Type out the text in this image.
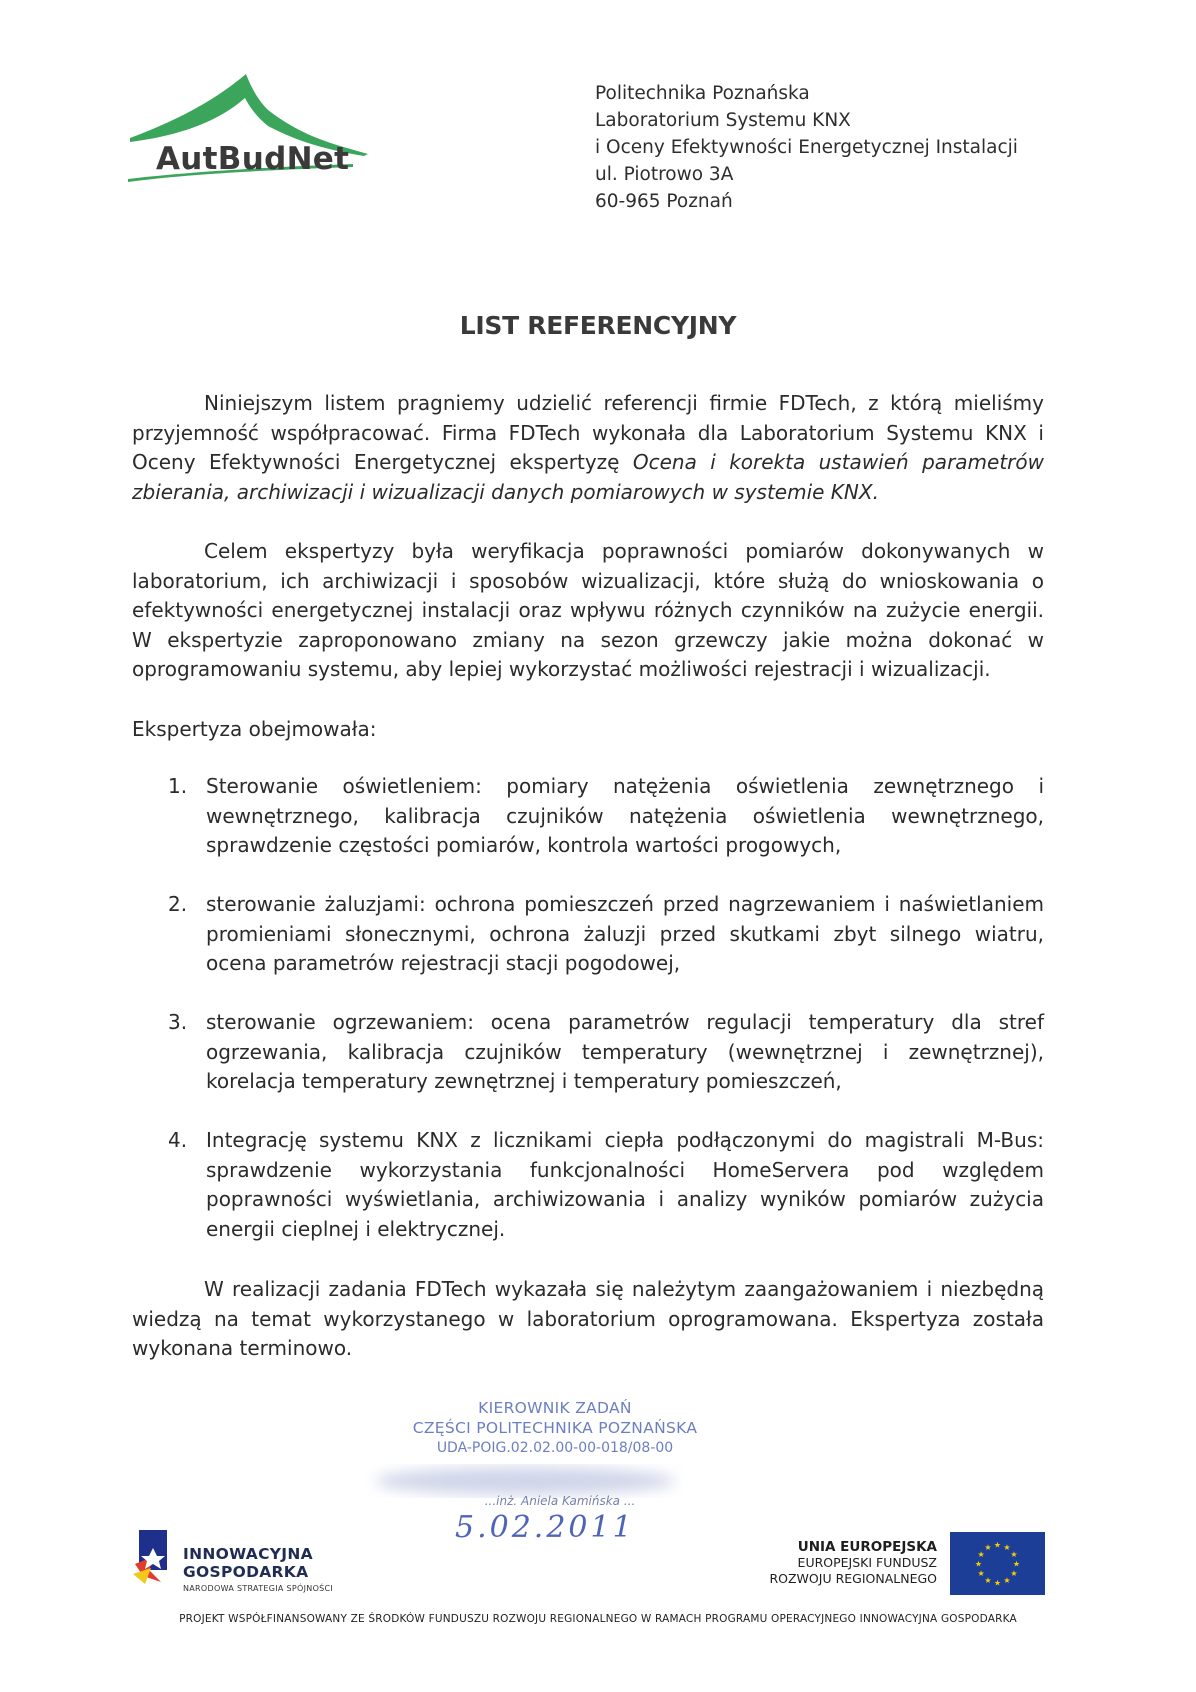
AutBudNet
Politechnika Poznańska
Laboratorium Systemu KNX
i Oceny Efektywności Energetycznej Instalacji
ul. Piotrowo 3A
60-965 Poznań
LIST REFERENCYJNY
Niniejszym listem pragniemy udzielić referencji firmie FDTech, z którą mieliśmy przyjemność współpracować. Firma FDTech wykonała dla Laboratorium Systemu KNX i Oceny Efektywności Energetycznej ekspertyzę Ocena i korekta ustawień parametrów zbierania, archiwizacji i wizualizacji danych pomiarowych w systemie KNX.
Celem ekspertyzy była weryfikacja poprawności pomiarów dokonywanych w laboratorium, ich archiwizacji i sposobów wizualizacji, które służą do wnioskowania o efektywności energetycznej instalacji oraz wpływu różnych czynników na zużycie energii. W ekspertyzie zaproponowano zmiany na sezon grzewczy jakie można dokonać w oprogramowaniu systemu, aby lepiej wykorzystać możliwości rejestracji i wizualizacji.
Ekspertyza obejmowała:
1. Sterowanie oświetleniem: pomiary natężenia oświetlenia zewnętrznego i wewnętrznego, kalibracja czujników natężenia oświetlenia wewnętrznego, sprawdzenie częstości pomiarów, kontrola wartości progowych,
2. sterowanie żaluzjami: ochrona pomieszczeń przed nagrzewaniem i naświetlaniem promieniami słonecznymi, ochrona żaluzji przed skutkami zbyt silnego wiatru, ocena parametrów rejestracji stacji pogodowej,
3. sterowanie ogrzewaniem: ocena parametrów regulacji temperatury dla stref ogrzewania, kalibracja czujników temperatury (wewnętrznej i zewnętrznej), korelacja temperatury zewnętrznej i temperatury pomieszczeń,
4. Integrację systemu KNX z licznikami ciepła podłączonymi do magistrali M-Bus: sprawdzenie wykorzystania funkcjonalności HomeServera pod względem poprawności wyświetlania, archiwizowania i analizy wyników pomiarów zużycia energii cieplnej i elektrycznej.
W realizacji zadania FDTech wykazała się należytym zaangażowaniem i niezbędną wiedzą na temat wykorzystanego w laboratorium oprogramowana. Ekspertyza została wykonana terminowo.
KIEROWNIK ZADAŃ
CZĘŚCI POLITECHNIKA POZNAŃSKA
UDA-POIG.02.02.00-00-018/08-00
...inż. Aniela Kamińska ...
5.02.2011
INNOWACYJNA
GOSPODARKA
NARODOWA STRATEGIA SPÓJNOŚCI
UNIA EUROPEJSKA
EUROPEJSKI FUNDUSZ
ROZWOJU REGIONALNEGO
★ ★
★
★
★
★
★
★
★
★
★
★
PROJEKT WSPÓŁFINANSOWANY ZE ŚRODKÓW FUNDUSZU ROZWOJU REGIONALNEGO W RAMACH PROGRAMU OPERACYJNEGO INNOWACYJNA GOSPODARKA
